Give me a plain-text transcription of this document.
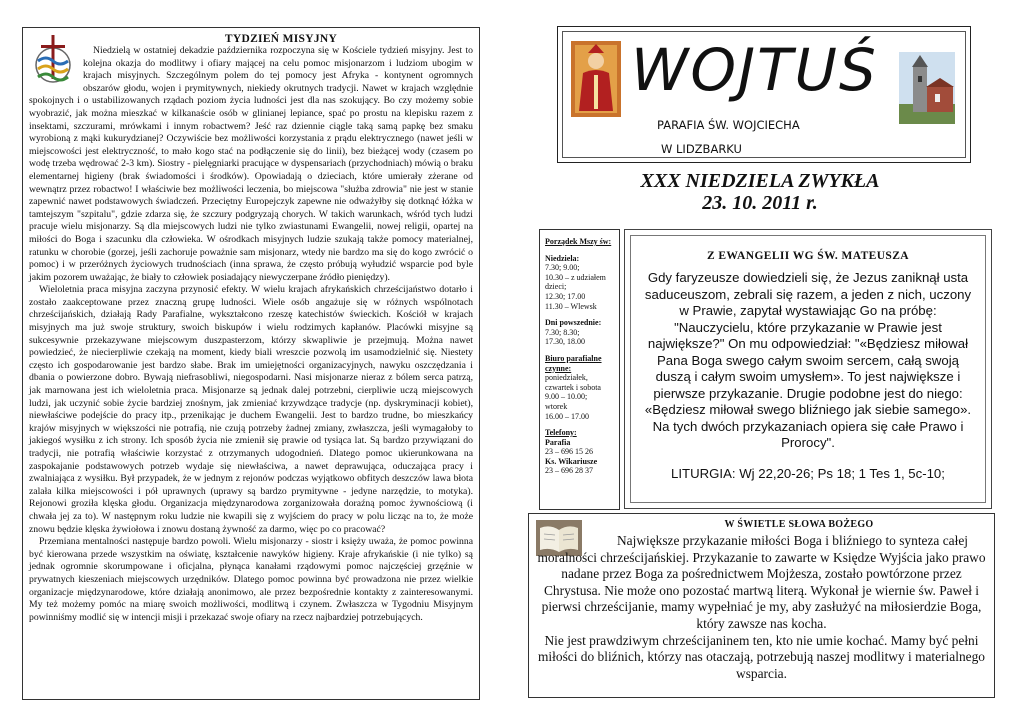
TYDZIEŃ MISYJNY

Niedzielą w ostatniej dekadzie października rozpoczyna się w Kościele tydzień misyjny. Jest to kolejna okazja do modlitwy i ofiary mającej na celu pomoc misjonarzom i ludziom ubogim w krajach misyjnych. Szczególnym polem do tej pomocy jest Afryka - kontynent ogromnych obszarów głodu, wojen i prymitywnych, niekiedy okrutnych tradycji. Nawet w krajach względnie spokojnych i o ustabilizowanych rządach poziom życia ludności jest dla nas szokujący. Bo czy możemy sobie wyobrazić, jak można mieszkać w kilkanaście osób w glinianej lepiance, spać po prostu na klepisku razem z insektami, szczurami, mrówkami i innym robactwem? Jeść raz dziennie ciągle taką samą papkę bez smaku wyrobioną z mąki kukurydzianej? Oczywiście bez możliwości korzystania z prądu elektrycznego (nawet jeśli w miejscowości jest elektryczność, to mało kogo stać na podłączenie się do linii), bez bieżącej wody (czasem po wodę trzeba wędrować 2-3 km). Siostry - pielęgniarki pracujące w dyspensariach (przychodniach) mówią o braku elementarnej higieny (brak świadomości i środków). Opowiadają o dzieciach, które umierały zżerane od wewnątrz przez robactwo! I właściwie bez możliwości leczenia, bo miejscowa "służba zdrowia" nie jest w stanie zapewnić nawet podstawowych świadczeń. Przeciętny Europejczyk zapewne nie odważyłby się dotknąć łóżka w tamtejszym "szpitalu", gdzie zdarza się, że szczury podgryzają chorych. W takich warunkach, wśród tych ludzi pracuje wielu misjonarzy. Są dla miejscowych ludzi nie tylko zwiastunami Ewangelii, nowej religii, opartej na miłości do Boga i szacunku dla człowieka. W ośrodkach misyjnych ludzie szukają także pomocy materialnej, ratunku w chorobie (gorzej, jeśli zachoruje poważnie sam misjonarz, wtedy nie bardzo ma się do kogo zwrócić o pomoc) i w przeróżnych życiowych trudnościach (inna sprawa, że często próbują wyłudzić wsparcie pod byle jakim pozorem uważając, że biały to człowiek posiadający niewyczerpane źródło pieniędzy).

Wieloletnia praca misyjna zaczyna przynosić efekty. W wielu krajach afrykańskich chrześcijaństwo dotarło i zostało zaakceptowane przez znaczną grupę ludności. Wiele osób angażuje się w różnych wspólnotach chrześcijańskich, działają Rady Parafialne, wykształcono rzeszę katechistów świeckich. Kościół w krajach misyjnych ma już swoje struktury, swoich biskupów i wielu rodzimych kapłanów. Placówki misyjne są sukcesywnie przekazywane miejscowym duszpasterzom, którzy skwapliwie je przejmują. Można nawet powiedzieć, że niecierpliwie czekają na moment, kiedy biali wreszcie pozwolą im usamodzielnić się. Niestety często ich gospodarowanie jest bardzo słabe. Brak im umiejętności organizacyjnych, nawyku oszczędzania i dbania o powierzone dobro. Bywają niefrasobliwi, niegospodarni. Nasi misjonarze nieraz z bólem serca patrzą, jak marnowana jest ich wieloletnia praca. Misjonarze są jednak dalej potrzebni, cierpliwie uczą miejscowych ludzi, jak uczynić sobie życie bardziej znośnym, jak zmieniać krzywdzące tradycje (np. dyskryminacji kobiet), niewłaściwe podejście do pracy itp., przenikając je duchem Ewangelii. Jest to bardzo trudne, bo mieszkańcy krajów misyjnych w większości nie potrafią, nie czują potrzeby żadnej zmiany, zwłaszcza, jeśli wymagałoby to jakiegoś wysiłku z ich strony. Ich sposób życia nie zmienił się prawie od tysiąca lat. Są bardzo przywiązani do tradycji, nie potrafią właściwie korzystać z otrzymanych udogodnień. Dlatego pomoc ukierunkowana na zaspokajanie podstawowych potrzeb wydaje się niewłaściwa, a nawet deprawująca, oduczająca pracy i zwalniająca z wysiłku. Był przypadek, że w jednym z rejonów podczas wyjątkowo obfitych deszczów lawa błota zalała kilka miejscowości i pół uprawnych (uprawy są bardzo prymitywne - jedyne narzędzie, to motyka). Rejonowi groziła klęska głodu. Organizacja międzynarodowa zorganizowała doraźną pomoc żywnościową (i chwała jej za to). W następnym roku ludzie nie kwapili się z wyjściem do pracy w polu licząc na to, że może znowu będzie klęska żywiołowa i znowu dostaną żywność za darmo, więc po co pracować?

Przemiana mentalności następuje bardzo powoli. Wielu misjonarzy - siostr i księży uważa, że pomoc powinna być kierowana przede wszystkim na oświatę, kształcenie nawyków higieny. Kraje afrykańskie (i nie tylko) są jednak ogromnie skorumpowane i oficjalna, płynąca kanałami rządowymi pomoc najczęściej grzęźnie w prywatnych kieszeniach miejscowych urzędników. Dlatego pomoc powinna być prowadzona nie przez wielkie organizacje międzynarodowe, które działają anonimowo, ale przez bezpośrednie kontakty z zainteresowanymi. My też możemy pomóc na miarę swoich możliwości, modlitwą i czynem. Zwłaszcza w Tygodniu Misyjnym powinniśmy modlić się w intencji misji i przekazać swoje ofiary na rzecz najbardziej potrzebujących.

WOJTUŚ
PARAFIA ŚW. WOJCIECHA
W LIDZBARKU
XXX NIEDZIELA ZWYKŁA
23. 10. 2011 r.
Porządek Mszy św:
Niedziela:
7.30; 9.00;
10.30 – z udziałem dzieci;
12.30; 17.00
11.30 – Wlewsk
Dni powszednie:
7.30; 8.30;
17.30, 18.00
Biuro parafialne czynne:
poniedziałek, czwartek i sobota
9.00 – 10.00;
wtorek
16.00 – 17.00
Telefony:
Parafia
23 – 696 15 26
Ks. Wikariusze
23 – 696 28 37
Z EWANGELII WG ŚW. MATEUSZA
Gdy faryzeusze dowiedzieli się, że Jezus zaniknął usta saduceuszom, zebrali się razem, a jeden z nich, uczony w Prawie, zapytał wystawiając Go na próbę: "Nauczycielu, które przykazanie w Prawie jest największe?" On mu odpowiedział: "«Będziesz miłował Pana Boga swego całym swoim sercem, całą swoją duszą i całym swoim umysłem». To jest największe i pierwsze przykazanie. Drugie podobne jest do niego: «Będziesz miłował swego bliźniego jak siebie samego». Na tych dwóch przykazaniach opiera się całe Prawo i Prorocy".
LITURGIA: Wj 22,20-26; Ps 18; 1 Tes 1, 5c-10;
W ŚWIETLE SŁOWA BOŻEGO
Największe przykazanie miłości Boga i bliźniego to synteza całej moralności chrześcijańskiej. Przykazanie to zawarte w Księdze Wyjścia jako prawo nadane przez Boga za pośrednictwem Mojżesza, zostało powtórzone przez Chrystusa. Nie może ono pozostać martwą literą. Wykonał je wiernie św. Paweł i pierwsi chrześcijanie, mamy wypełniać je my, aby zasłużyć na miłosierdzie Boga, który zawsze nas kocha.
Nie jest prawdziwym chrześcijaninem ten, kto nie umie kochać. Mamy być pełni miłości do bliźnich, którzy nas otaczają, potrzebują naszej modlitwy i materialnego wsparcia.
